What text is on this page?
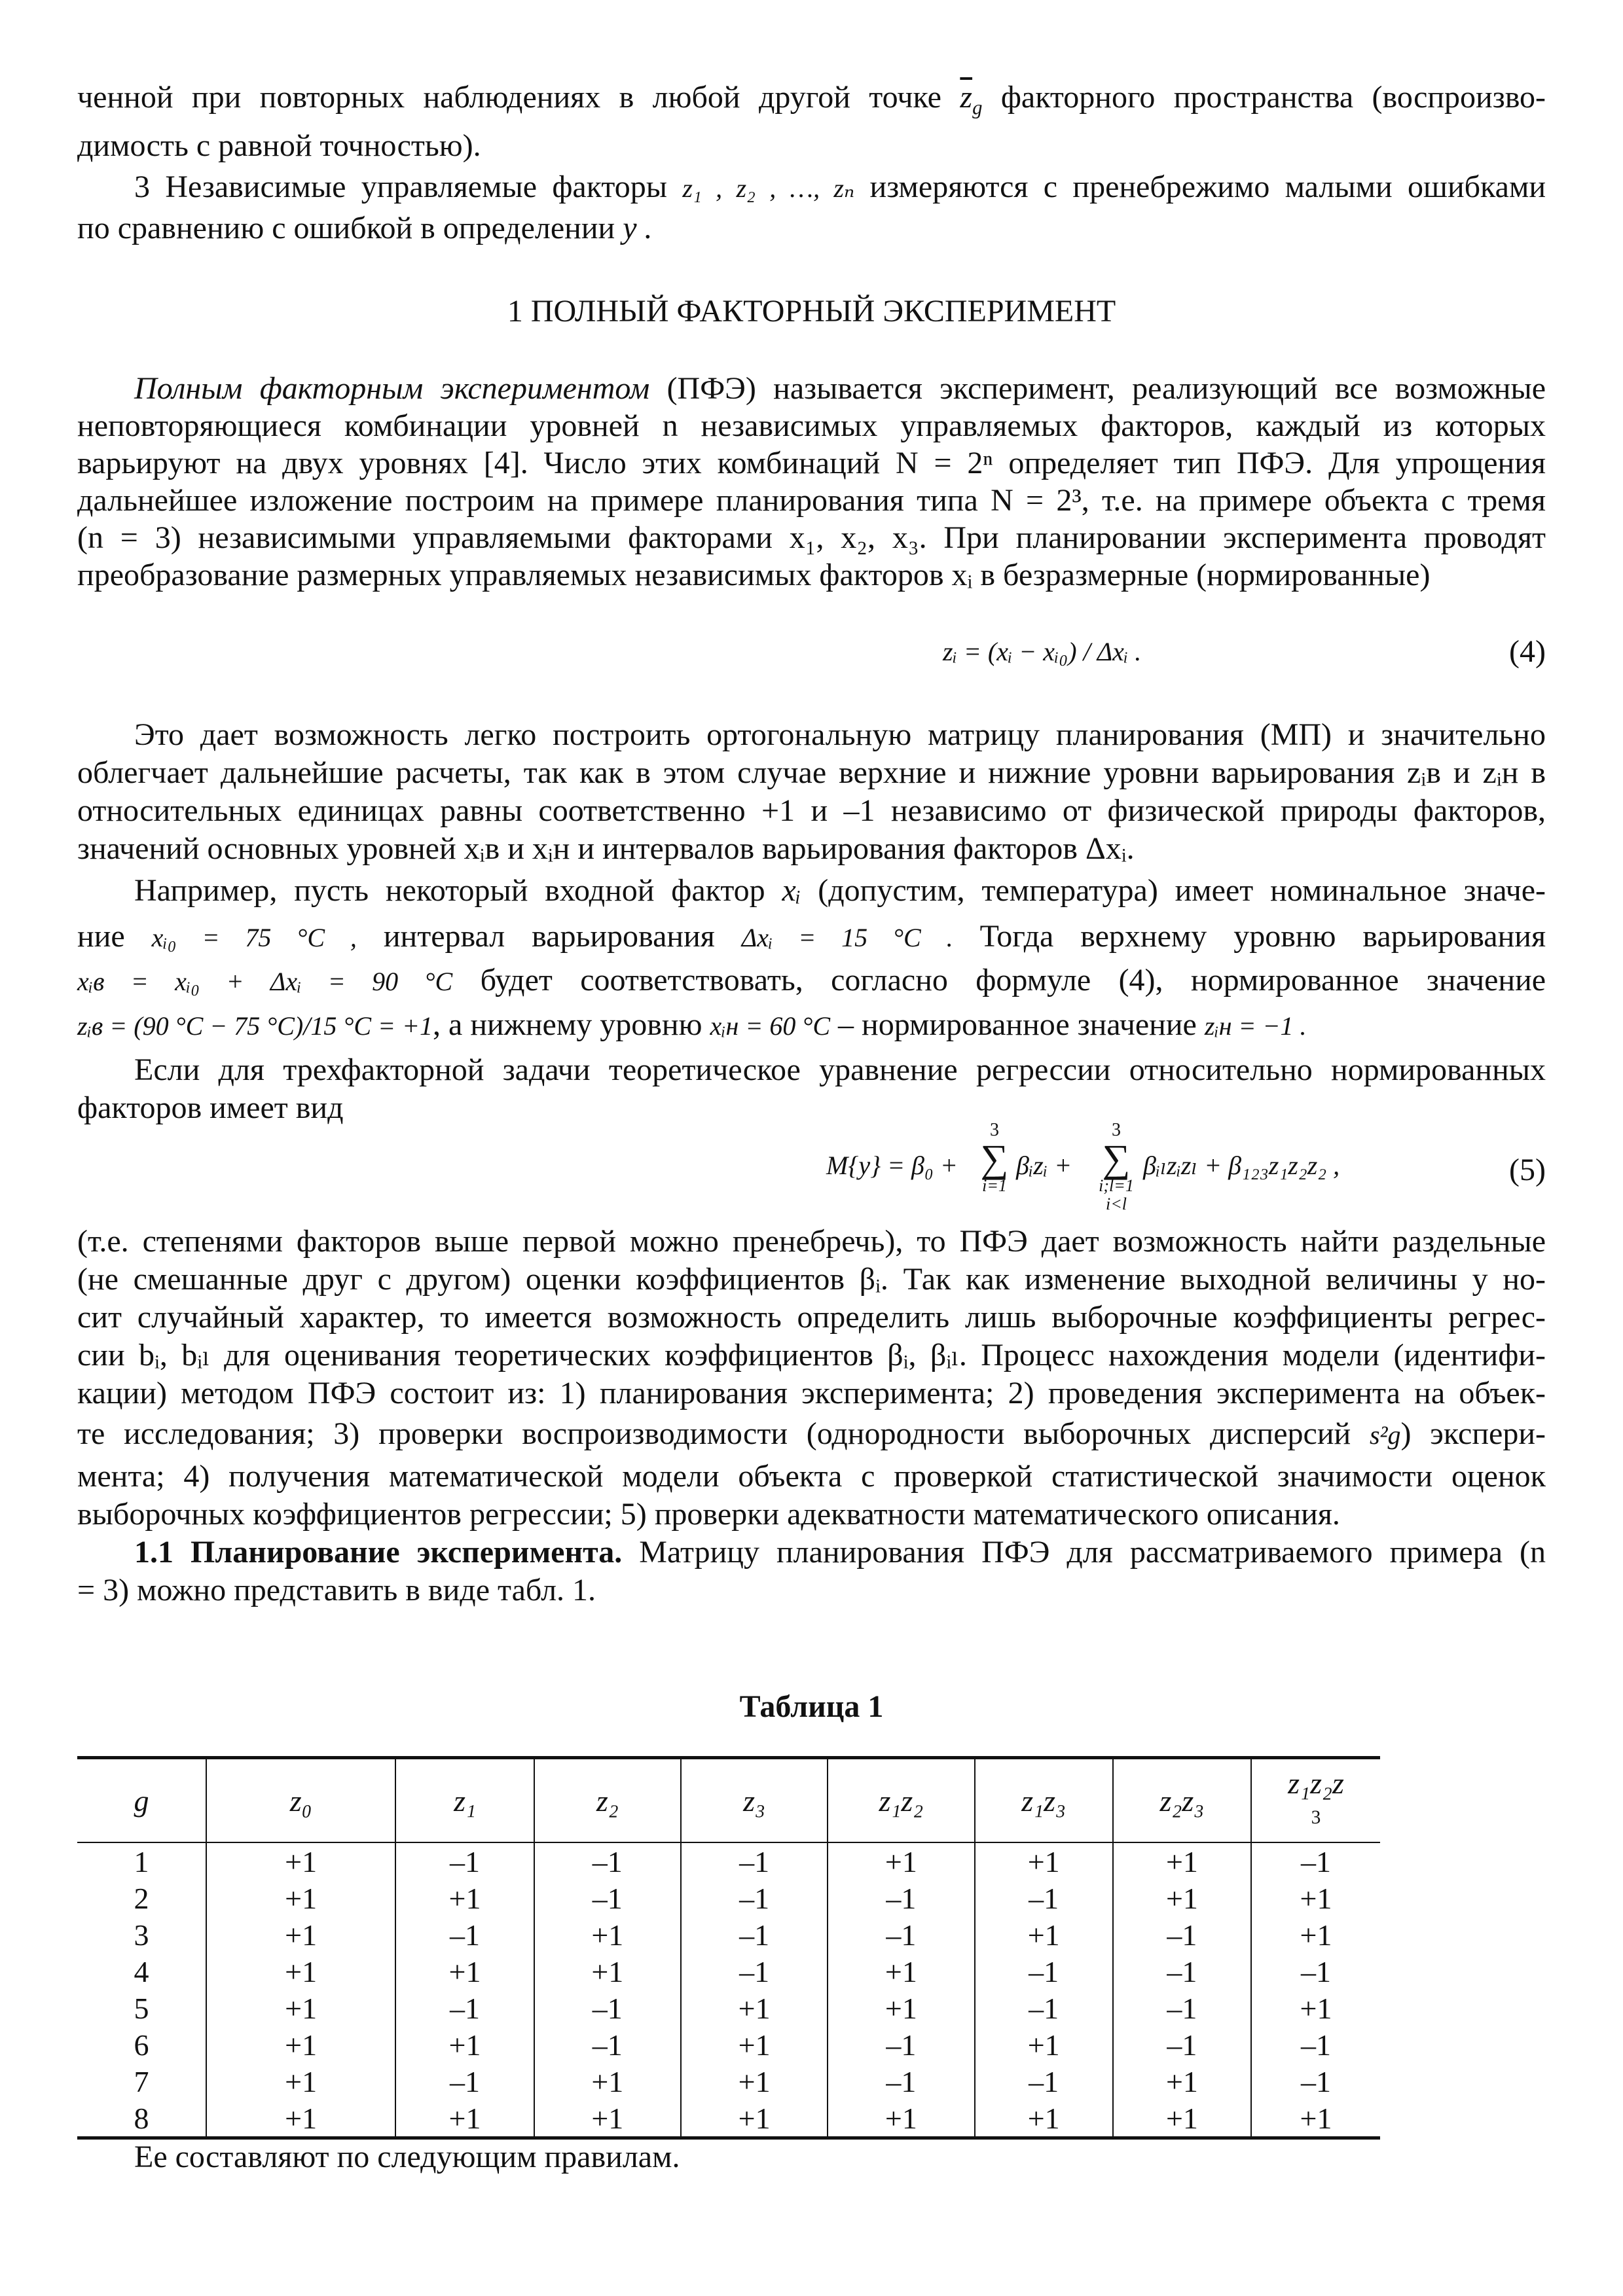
ченной при повторных наблюдениях в любой другой точке $\overline{z}_g$ факторного пространства (воспроизво-
димость с равной точностью).
3 Независимые управляемые факторы z₁ , z₂ , …, zₙ измеряются с пренебрежимо малыми ошибками
по сравнению с ошибкой в определении y .
1 ПОЛНЫЙ ФАКТОРНЫЙ ЭКСПЕРИМЕНТ
Полным факторным экспериментом (ПФЭ) называется эксперимент, реализующий все возможные
неповторяющиеся комбинации уровней n независимых управляемых факторов, каждый из которых
варьируют на двух уровнях [4]. Число этих комбинаций N = 2ⁿ определяет тип ПФЭ. Для упрощения
дальнейшее изложение построим на примере планирования типа N = 2³, т.е. на примере объекта с тремя
(n = 3) независимыми управляемыми факторами x₁, x₂, x₃. При планировании эксперимента проводят
преобразование размерных управляемых независимых факторов xᵢ в безразмерные (нормированные)
zᵢ = (xᵢ − xᵢ₀) / Δxᵢ .	(4)
Это дает возможность легко построить ортогональную матрицу планирования (МП) и значительно
облегчает дальнейшие расчеты, так как в этом случае верхние и нижние уровни варьирования zᵢв и zᵢн в
относительных единицах равны соответственно +1 и –1 независимо от физической природы факторов,
значений основных уровней xᵢв и xᵢн и интервалов варьирования факторов Δxᵢ.
Например, пусть некоторый входной фактор xᵢ (допустим, температура) имеет номинальное значе-
ние xᵢ₀ = 75 °C , интервал варьирования Δxᵢ = 15 °C . Тогда верхнему уровню варьирования
xᵢв = xᵢ₀ + Δxᵢ = 90 °C будет соответствовать, согласно формуле (4), нормированное значение
zᵢв = (90 °C − 75 °C)/15 °C = +1, а нижнему уровню xᵢн = 60 °C – нормированное значение zᵢн = −1 .
Если для трехфакторной задачи теоретическое уравнение регрессии относительно нормированных
факторов имеет вид
M{y} = β₀ +
3
∑
i=1
βᵢzᵢ +
3
∑
i;l=1
i<l
βᵢₗzᵢzₗ + β₁₂₃z₁z₂z₂ ,	(5)
(т.е. степенями факторов выше первой можно пренебречь), то ПФЭ дает возможность найти раздельные
(не смешанные друг с другом) оценки коэффициентов βᵢ. Так как изменение выходной величины y но-
сит случайный характер, то имеется возможность определить лишь выборочные коэффициенты регрес-
сии bᵢ, bᵢₗ для оценивания теоретических коэффициентов βᵢ, βᵢₗ. Процесс нахождения модели (идентифи-
кации) методом ПФЭ состоит из: 1) планирования эксперимента; 2) проведения эксперимента на объек-
те исследования; 3) проверки воспроизводимости (однородности выборочных дисперсий s²g) экспери-
мента; 4) получения математической модели объекта с проверкой статистической значимости оценок
выборочных коэффициентов регрессии; 5) проверки адекватности математического описания.
1.1 Планирование эксперимента. Матрицу планирования ПФЭ для рассматриваемого примера (n
= 3) можно представить в виде табл. 1.
Таблица 1
g	z₀	z₁	z₂	z₃	z₁z₂	z₁z₃	z₂z₃	z₁z₂z
3

1	+1	–1	–1	–1	+1	+1	+1	–1
2	+1	+1	–1	–1	–1	–1	+1	+1
3	+1	–1	+1	–1	–1	+1	–1	+1
4	+1	+1	+1	–1	+1	–1	–1	–1
5	+1	–1	–1	+1	+1	–1	–1	+1
6	+1	+1	–1	+1	–1	+1	–1	–1
7	+1	–1	+1	+1	–1	–1	+1	–1
8	+1	+1	+1	+1	+1	+1	+1	+1
Ее составляют по следующим правилам.
